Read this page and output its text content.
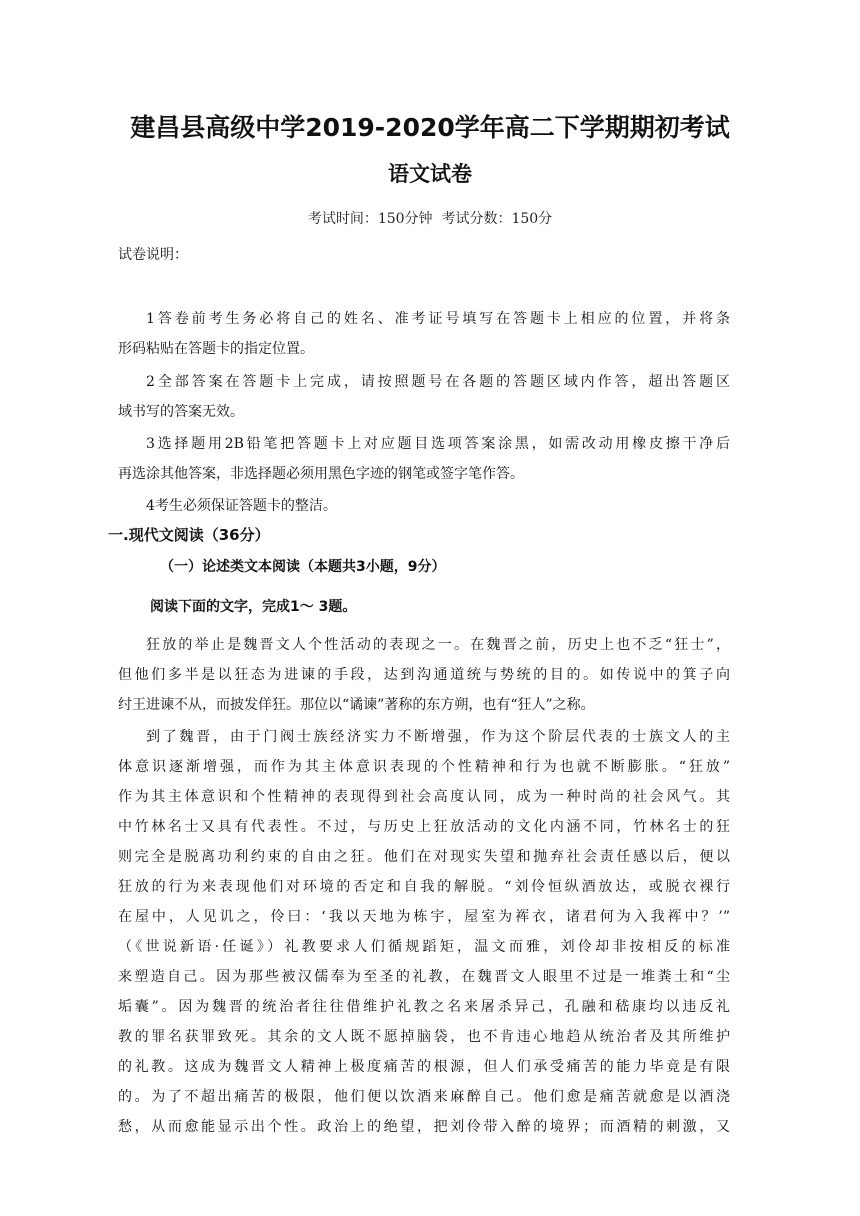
建昌县高级中学2019-2020学年高二下学期期初考试
语文试卷
考试时间：150分钟  考试分数：150分
试卷说明：
1答卷前考生务必将自己的姓名、准考证号填写在答题卡上相应的位置，并将条
形码粘贴在答题卡的指定位置。
2全部答案在答题卡上完成，请按照题号在各题的答题区域内作答，超出答题区
域书写的答案无效。
3选择题用2B铅笔把答题卡上对应题目选项答案涂黑，如需改动用橡皮擦干净后
再选涂其他答案，非选择题必须用黑色字迹的钢笔或签字笔作答。
4考生必须保证答题卡的整洁。
一.现代文阅读（36分）
（一）论述类文本阅读（本题共3小题，9分）
阅读下面的文字，完成1～ 3题。
狂放的举止是魏晋文人个性活动的表现之一。在魏晋之前，历史上也不乏“狂士”，
但他们多半是以狂态为进谏的手段，达到沟通道统与势统的目的。如传说中的箕子向
纣王进谏不从，而披发佯狂。那位以“谲谏”著称的东方朔，也有“狂人”之称。
到了魏晋，由于门阀士族经济实力不断增强，作为这个阶层代表的士族文人的主
体意识逐渐增强，而作为其主体意识表现的个性精神和行为也就不断膨胀。“狂放”
作为其主体意识和个性精神的表现得到社会高度认同，成为一种时尚的社会风气。其
中竹林名士又具有代表性。不过，与历史上狂放活动的文化内涵不同，竹林名士的狂
则完全是脱离功利约束的自由之狂。他们在对现实失望和抛弃社会责任感以后，便以
狂放的行为来表现他们对环境的否定和自我的解脱。“刘伶恒纵酒放达，或脱衣裸行
在屋中，人见讥之，伶曰：‘我以天地为栋宇，屋室为裈衣，诸君何为入我裈中？’”
（《世说新语·任诞》）礼教要求人们循规蹈矩，温文而雅，刘伶却非按相反的标准
来塑造自己。因为那些被汉儒奉为至圣的礼教，在魏晋文人眼里不过是一堆粪土和“尘
垢囊”。因为魏晋的统治者往往借维护礼教之名来屠杀异己，孔融和嵇康均以违反礼
教的罪名获罪致死。其余的文人既不愿掉脑袋，也不肯违心地趋从统治者及其所维护
的礼教。这成为魏晋文人精神上极度痛苦的根源，但人们承受痛苦的能力毕竟是有限
的。为了不超出痛苦的极限，他们便以饮酒来麻醉自己。他们愈是痛苦就愈是以酒浇
愁，从而愈能显示出个性。政治上的绝望，把刘伶带入醉的境界；而酒精的刺激，又
